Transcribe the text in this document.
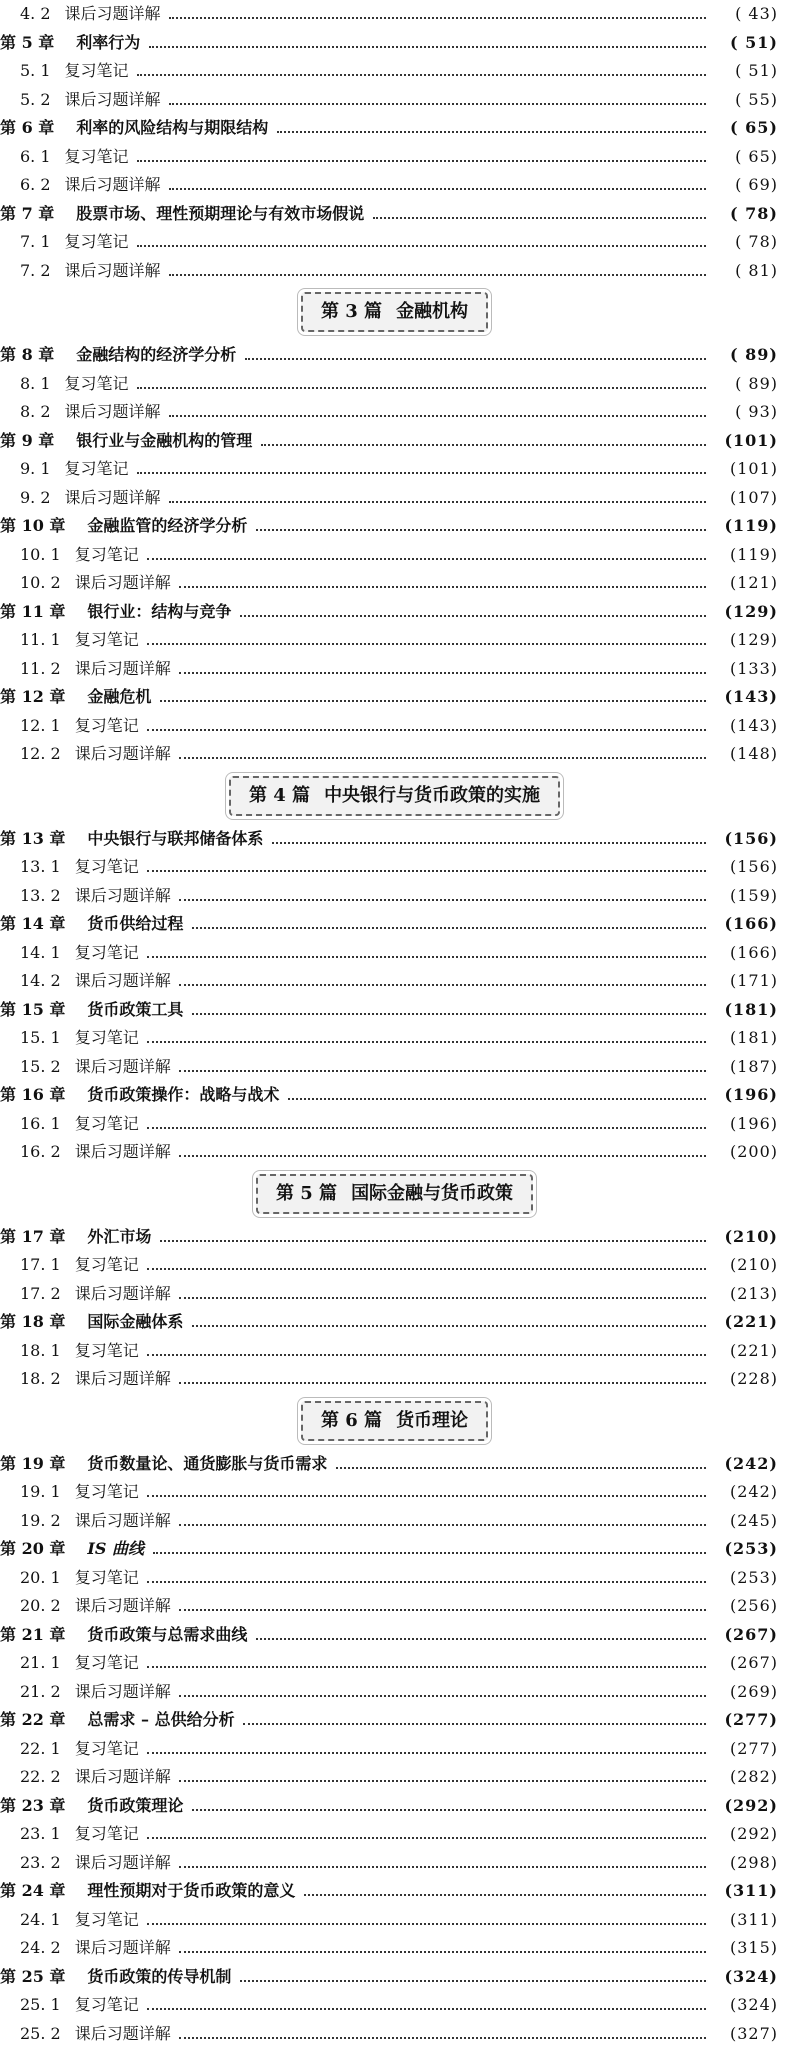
4. 2 课后习题详解	( 43)
第 5 章 利率行为	( 51)
5. 1 复习笔记	( 51)
5. 2 课后习题详解	( 55)
第 6 章 利率的风险结构与期限结构	( 65)
6. 1 复习笔记	( 65)
6. 2 课后习题详解	( 69)
第 7 章 股票市场、理性预期理论与有效市场假说	( 78)
7. 1 复习笔记	( 78)
7. 2 课后习题详解	( 81)
第 3 篇 金融机构
第 8 章 金融结构的经济学分析	( 89)
8. 1 复习笔记	( 89)
8. 2 课后习题详解	( 93)
第 9 章 银行业与金融机构的管理	(101)
9. 1 复习笔记	(101)
9. 2 课后习题详解	(107)
第 10 章 金融监管的经济学分析	(119)
10. 1 复习笔记	(119)
10. 2 课后习题详解	(121)
第 11 章 银行业：结构与竞争	(129)
11. 1 复习笔记	(129)
11. 2 课后习题详解	(133)
第 12 章 金融危机	(143)
12. 1 复习笔记	(143)
12. 2 课后习题详解	(148)
第 4 篇 中央银行与货币政策的实施
第 13 章 中央银行与联邦储备体系	(156)
13. 1 复习笔记	(156)
13. 2 课后习题详解	(159)
第 14 章 货币供给过程	(166)
14. 1 复习笔记	(166)
14. 2 课后习题详解	(171)
第 15 章 货币政策工具	(181)
15. 1 复习笔记	(181)
15. 2 课后习题详解	(187)
第 16 章 货币政策操作：战略与战术	(196)
16. 1 复习笔记	(196)
16. 2 课后习题详解	(200)
第 5 篇 国际金融与货币政策
第 17 章 外汇市场	(210)
17. 1 复习笔记	(210)
17. 2 课后习题详解	(213)
第 18 章 国际金融体系	(221)
18. 1 复习笔记	(221)
18. 2 课后习题详解	(228)
第 6 篇 货币理论
第 19 章 货币数量论、通货膨胀与货币需求	(242)
19. 1 复习笔记	(242)
19. 2 课后习题详解	(245)
第 20 章 IS 曲线	(253)
20. 1 复习笔记	(253)
20. 2 课后习题详解	(256)
第 21 章 货币政策与总需求曲线	(267)
21. 1 复习笔记	(267)
21. 2 课后习题详解	(269)
第 22 章 总需求 – 总供给分析	(277)
22. 1 复习笔记	(277)
22. 2 课后习题详解	(282)
第 23 章 货币政策理论	(292)
23. 1 复习笔记	(292)
23. 2 课后习题详解	(298)
第 24 章 理性预期对于货币政策的意义	(311)
24. 1 复习笔记	(311)
24. 2 课后习题详解	(315)
第 25 章 货币政策的传导机制	(324)
25. 1 复习笔记	(324)
25. 2 课后习题详解	(327)
